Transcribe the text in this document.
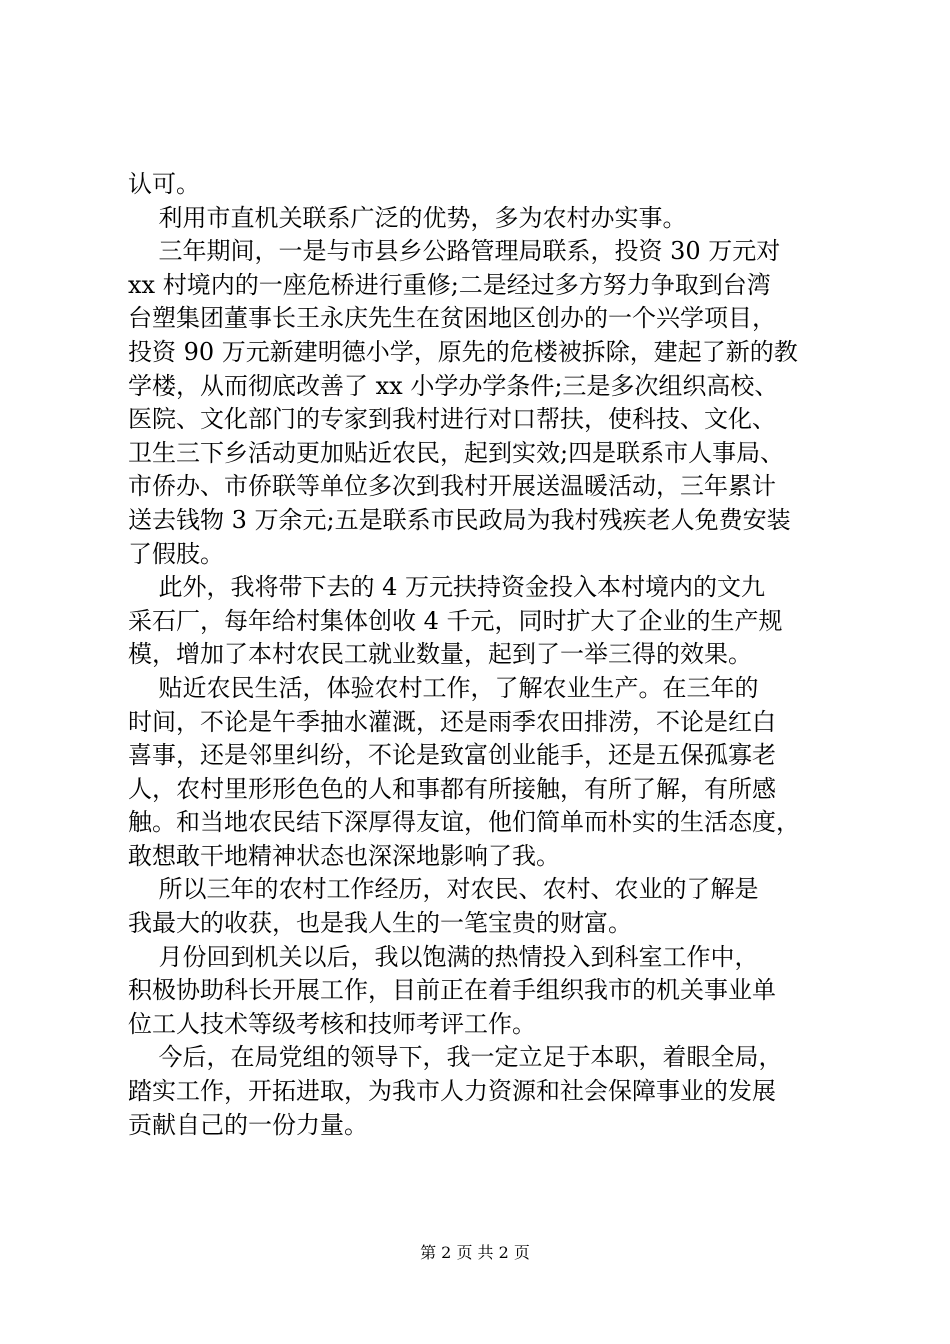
认可。
利用市直机关联系广泛的优势，多为农村办实事。
三年期间，一是与市县乡公路管理局联系，投资 30 万元对
xx 村境内的一座危桥进行重修;二是经过多方努力争取到台湾
台塑集团董事长王永庆先生在贫困地区创办的一个兴学项目，
投资 90 万元新建明德小学，原先的危楼被拆除，建起了新的教
学楼，从而彻底改善了 xx 小学办学条件;三是多次组织高校、
医院、文化部门的专家到我村进行对口帮扶，使科技、文化、
卫生三下乡活动更加贴近农民，起到实效;四是联系市人事局、
市侨办、市侨联等单位多次到我村开展送温暖活动，三年累计
送去钱物 3 万余元;五是联系市民政局为我村残疾老人免费安装
了假肢。
此外，我将带下去的 4 万元扶持资金投入本村境内的文九
采石厂，每年给村集体创收 4 千元，同时扩大了企业的生产规
模，增加了本村农民工就业数量，起到了一举三得的效果。
贴近农民生活，体验农村工作，了解农业生产。在三年的
时间，不论是午季抽水灌溉，还是雨季农田排涝，不论是红白
喜事，还是邻里纠纷，不论是致富创业能手，还是五保孤寡老
人，农村里形形色色的人和事都有所接触，有所了解，有所感
触。和当地农民结下深厚得友谊，他们简单而朴实的生活态度，
敢想敢干地精神状态也深深地影响了我。
所以三年的农村工作经历，对农民、农村、农业的了解是
我最大的收获，也是我人生的一笔宝贵的财富。
月份回到机关以后，我以饱满的热情投入到科室工作中，
积极协助科长开展工作，目前正在着手组织我市的机关事业单
位工人技术等级考核和技师考评工作。
今后，在局党组的领导下，我一定立足于本职，着眼全局，
踏实工作，开拓进取，为我市人力资源和社会保障事业的发展
贡献自己的一份力量。
第 2 页 共 2 页
